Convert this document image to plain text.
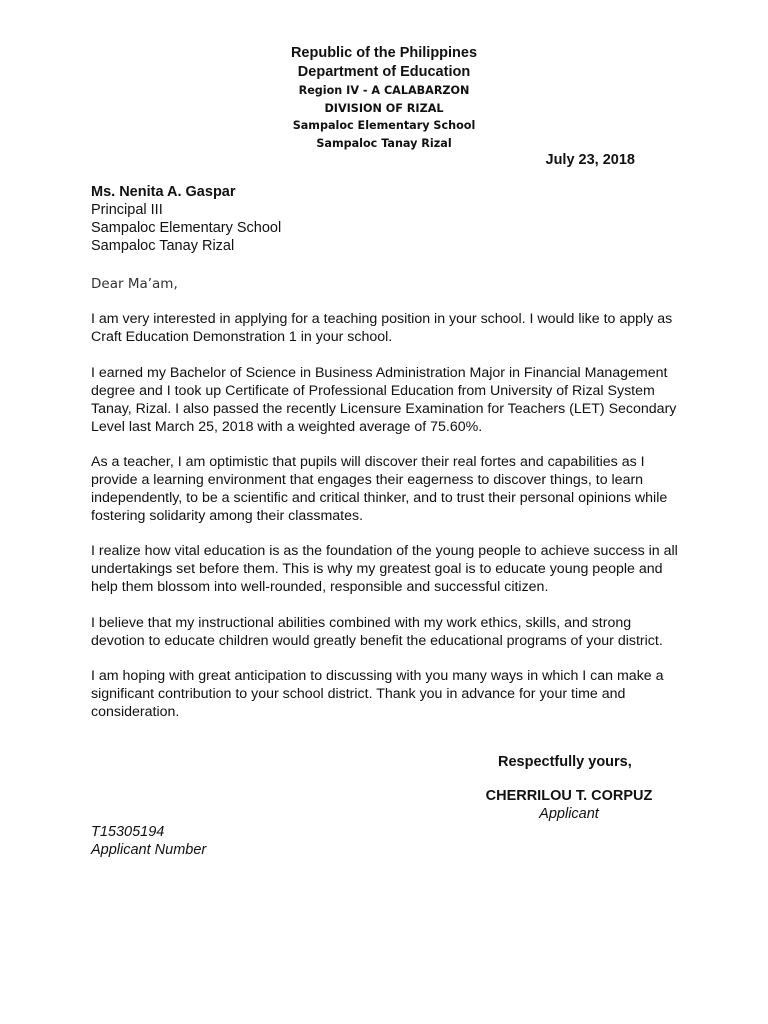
Republic of the Philippines
Department of Education
Region IV - A CALABARZON
DIVISION OF RIZAL
Sampaloc Elementary School
Sampaloc Tanay Rizal
July 23, 2018
Ms. Nenita A. Gaspar
Principal III
Sampaloc Elementary School
Sampaloc Tanay Rizal
Dear Ma’am,

I am very interested in applying for a teaching position in your school. I would like to apply as Craft Education Demonstration 1 in your school.

I earned my Bachelor of Science in Business Administration Major in Financial Management degree and I took up Certificate of Professional Education from University of Rizal System Tanay, Rizal. I also passed the recently Licensure Examination for Teachers (LET) Secondary Level last March 25, 2018 with a weighted average of 75.60%.

As a teacher, I am optimistic that pupils will discover their real fortes and capabilities as I provide a learning environment that engages their eagerness to discover things, to learn independently, to be a scientific and critical thinker, and to trust their personal opinions while fostering solidarity among their classmates.

I realize how vital education is as the foundation of the young people to achieve success in all undertakings set before them. This is why my greatest goal is to educate young people and help them blossom into well-rounded, responsible and successful citizen.

I believe that my instructional abilities combined with my work ethics, skills, and strong devotion to educate children would greatly benefit the educational programs of your district.

I am hoping with great anticipation to discussing with you many ways in which I can make a significant contribution to your school district. Thank you in advance for your time and consideration.

Respectfully yours,
CHERRILOU T. CORPUZ
Applicant
T15305194
Applicant Number
